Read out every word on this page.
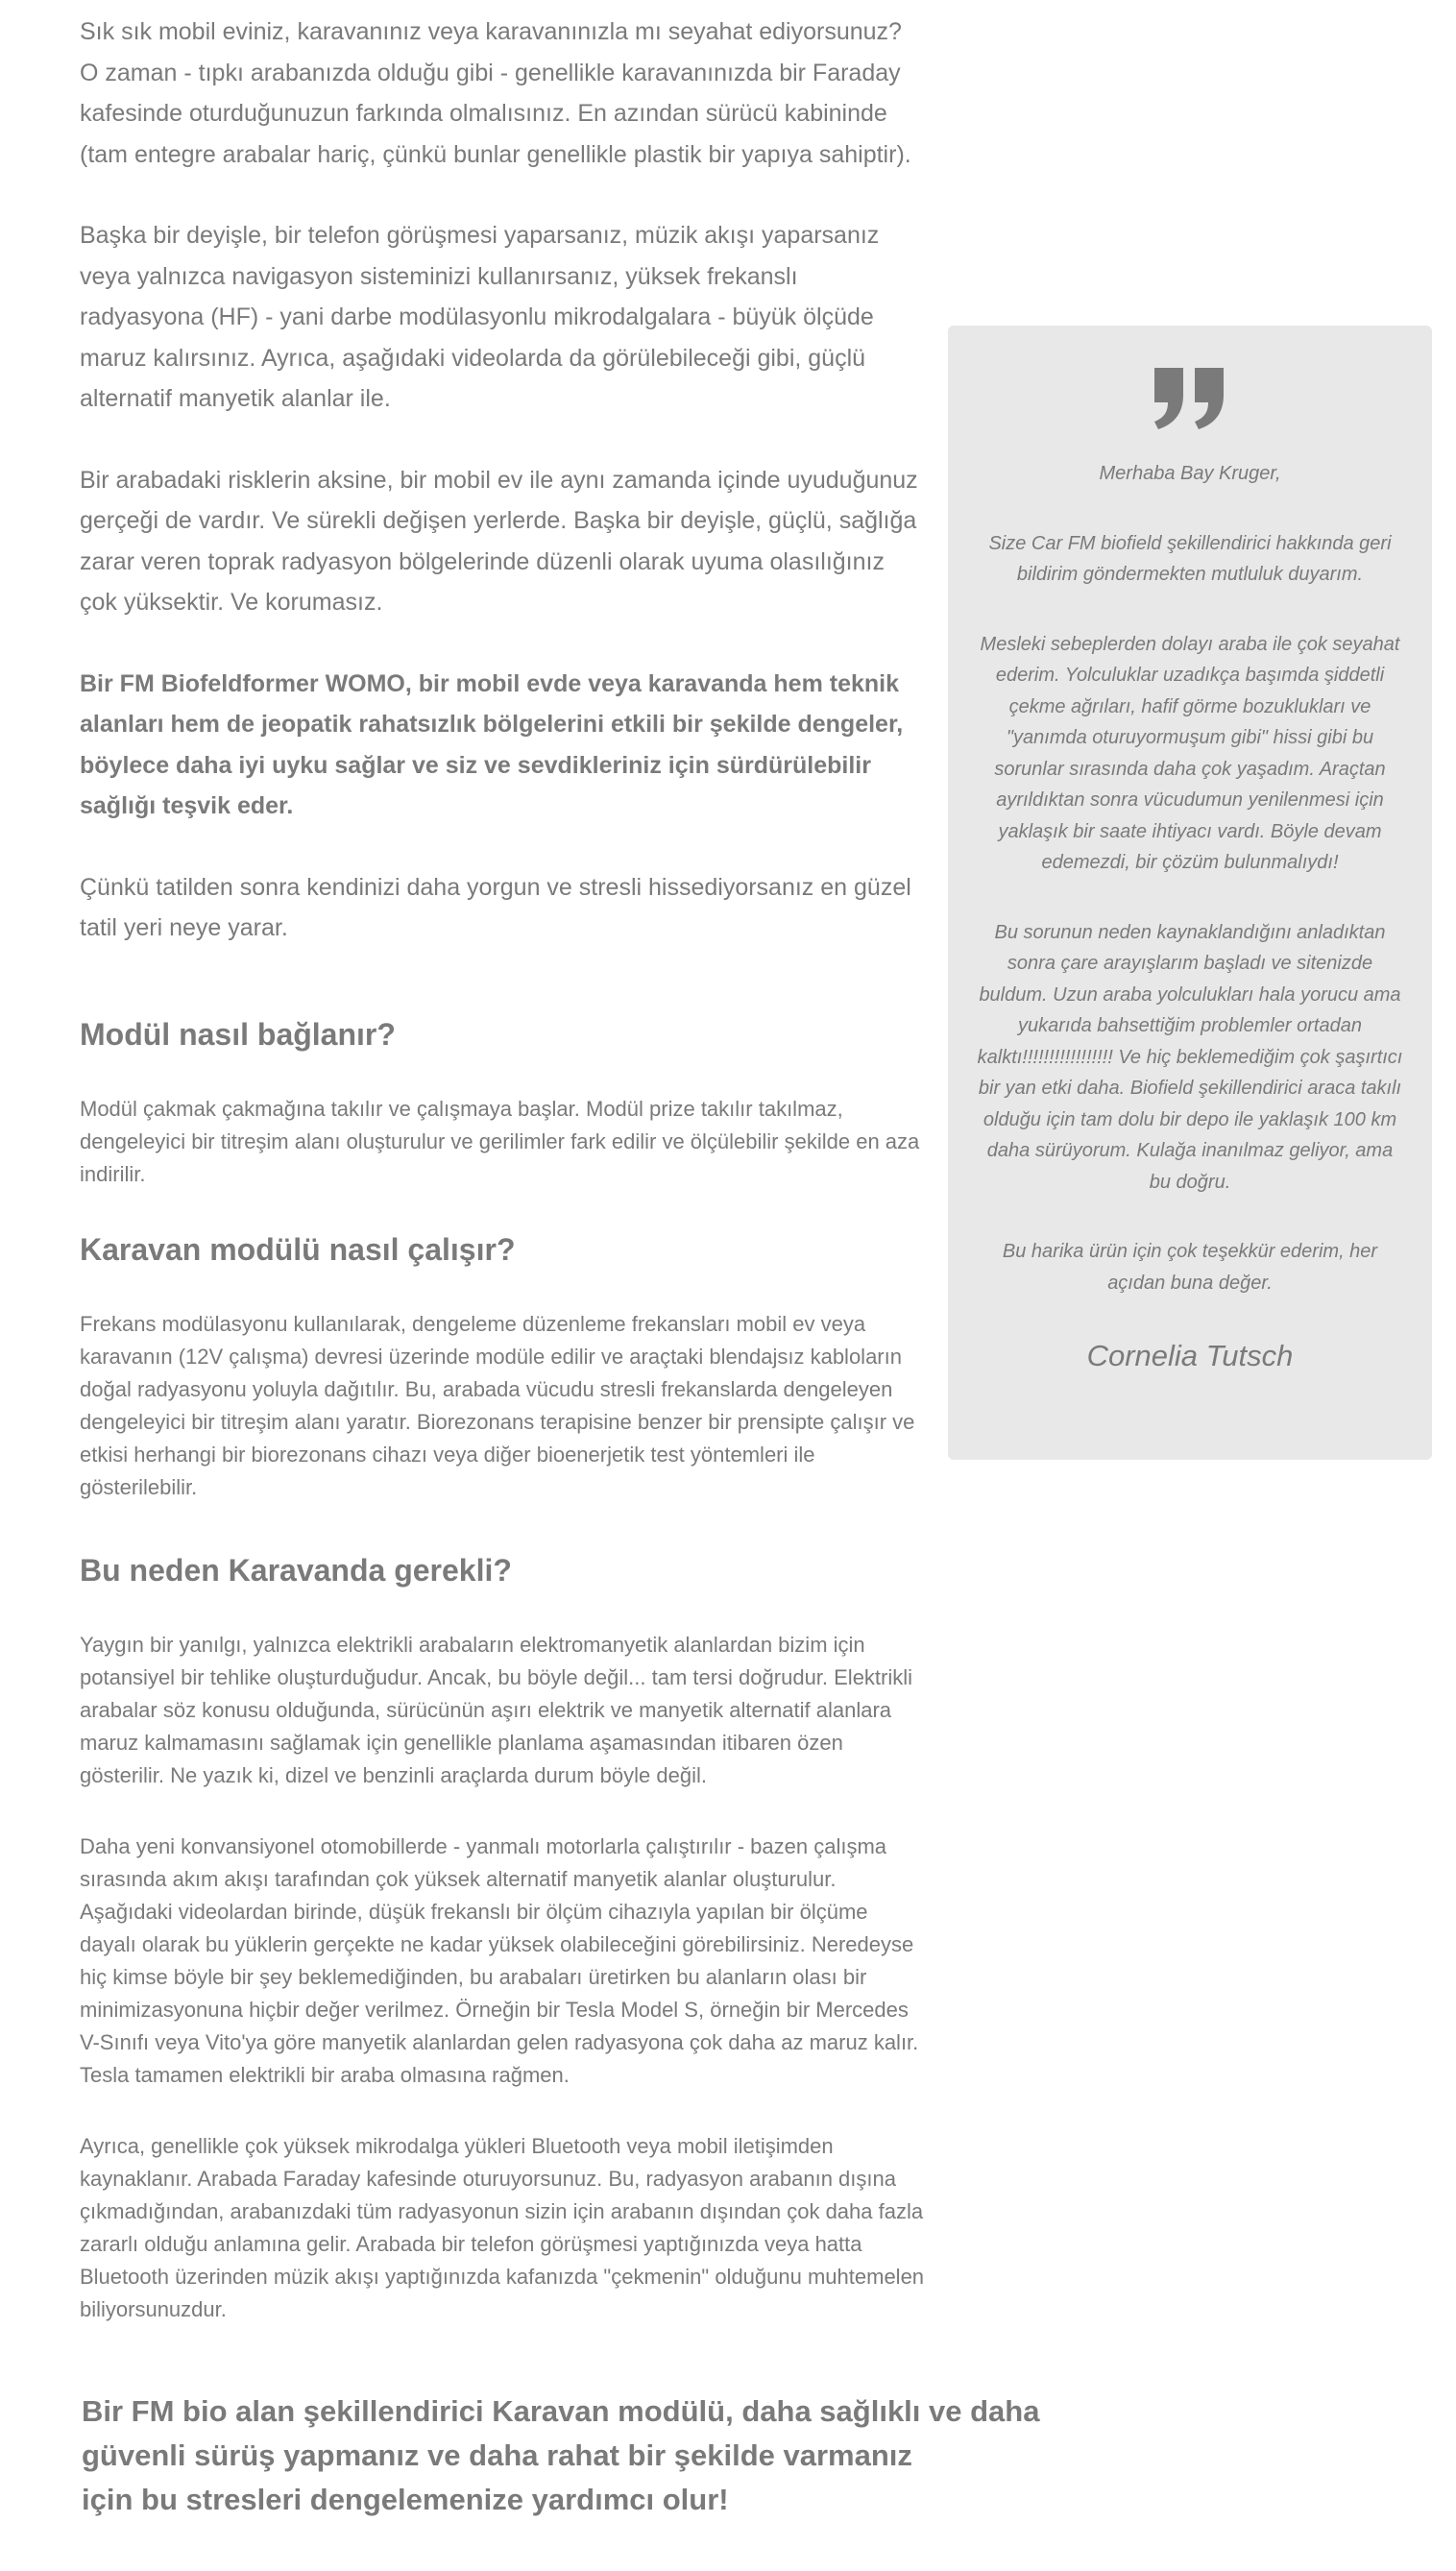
Sık sık mobil eviniz, karavanınız veya karavanınızla mı seyahat ediyorsunuz? O zaman - tıpkı arabanızda olduğu gibi - genellikle karavanınızda bir Faraday kafesinde oturduğunuzun farkında olmalısınız. En azından sürücü kabininde (tam entegre arabalar hariç, çünkü bunlar genellikle plastik bir yapıya sahiptir).

Başka bir deyişle, bir telefon görüşmesi yaparsanız, müzik akışı yaparsanız veya yalnızca navigasyon sisteminizi kullanırsanız, yüksek frekanslı radyasyona (HF) - yani darbe modülasyonlu mikrodalgalara - büyük ölçüde maruz kalırsınız. Ayrıca, aşağıdaki videolarda da görülebileceği gibi, güçlü alternatif manyetik alanlar ile.

Bir arabadaki risklerin aksine, bir mobil ev ile aynı zamanda içinde uyuduğunuz gerçeği de vardır. Ve sürekli değişen yerlerde. Başka bir deyişle, güçlü, sağlığa zarar veren toprak radyasyon bölgelerinde düzenli olarak uyuma olasılığınız çok yüksektir. Ve korumasız.

Bir FM Biofeldformer WOMO, bir mobil evde veya karavanda hem teknik alanları hem de jeopatik rahatsızlık bölgelerini etkili bir şekilde dengeler, böylece daha iyi uyku sağlar ve siz ve sevdikleriniz için sürdürülebilir sağlığı teşvik eder.

Çünkü tatilden sonra kendinizi daha yorgun ve stresli hissediyorsanız en güzel tatil yeri neye yarar.

Modül nasıl bağlanır?

Modül çakmak çakmağına takılır ve çalışmaya başlar. Modül prize takılır takılmaz, dengeleyici bir titreşim alanı oluşturulur ve gerilimler fark edilir ve ölçülebilir şekilde en aza indirilir.

Karavan modülü nasıl çalışır?

Frekans modülasyonu kullanılarak, dengeleme düzenleme frekansları mobil ev veya karavanın (12V çalışma) devresi üzerinde modüle edilir ve araçtaki blendajsız kabloların doğal radyasyonu yoluyla dağıtılır. Bu, arabada vücudu stresli frekanslarda dengeleyen dengeleyici bir titreşim alanı yaratır. Biorezonans terapisine benzer bir prensipte çalışır ve etkisi herhangi bir biorezonans cihazı veya diğer bioenerjetik test yöntemleri ile gösterilebilir.

Bu neden Karavanda gerekli?

Yaygın bir yanılgı, yalnızca elektrikli arabaların elektromanyetik alanlardan bizim için potansiyel bir tehlike oluşturduğudur. Ancak, bu böyle değil... tam tersi doğrudur. Elektrikli arabalar söz konusu olduğunda, sürücünün aşırı elektrik ve manyetik alternatif alanlara maruz kalmamasını sağlamak için genellikle planlama aşamasından itibaren özen gösterilir. Ne yazık ki, dizel ve benzinli araçlarda durum böyle değil.

Daha yeni konvansiyonel otomobillerde - yanmalı motorlarla çalıştırılır - bazen çalışma sırasında akım akışı tarafından çok yüksek alternatif manyetik alanlar oluşturulur. Aşağıdaki videolardan birinde, düşük frekanslı bir ölçüm cihazıyla yapılan bir ölçüme dayalı olarak bu yüklerin gerçekte ne kadar yüksek olabileceğini görebilirsiniz. Neredeyse hiç kimse böyle bir şey beklemediğinden, bu arabaları üretirken bu alanların olası bir minimizasyonuna hiçbir değer verilmez. Örneğin bir Tesla Model S, örneğin bir Mercedes V-Sınıfı veya Vito'ya göre manyetik alanlardan gelen radyasyona çok daha az maruz kalır. Tesla tamamen elektrikli bir araba olmasına rağmen.

Ayrıca, genellikle çok yüksek mikrodalga yükleri Bluetooth veya mobil iletişimden kaynaklanır. Arabada Faraday kafesinde oturuyorsunuz. Bu, radyasyon arabanın dışına çıkmadığından, arabanızdaki tüm radyasyonun sizin için arabanın dışından çok daha fazla zararlı olduğu anlamına gelir. Arabada bir telefon görüşmesi yaptığınızda veya hatta Bluetooth üzerinden müzik akışı yaptığınızda kafanızda "çekmenin" olduğunu muhtemelen biliyorsunuzdur.

Bir FM bio alan şekillendirici Karavan modülü, daha sağlıklı ve daha
güvenli sürüş yapmanız ve daha rahat bir şekilde varmanız
için bu stresleri dengelemenize yardımcı olur!

Merhaba Bay Kruger,

Size Car FM biofield şekillendirici hakkında geri bildirim göndermekten mutluluk duyarım.

Mesleki sebeplerden dolayı araba ile çok seyahat ederim. Yolculuklar uzadıkça başımda şiddetli çekme ağrıları, hafif görme bozuklukları ve "yanımda oturuyormuşum gibi" hissi gibi bu sorunlar sırasında daha çok yaşadım. Araçtan ayrıldıktan sonra vücudumun yenilenmesi için yaklaşık bir saate ihtiyacı vardı. Böyle devam edemezdi, bir çözüm bulunmalıydı!

Bu sorunun neden kaynaklandığını anladıktan sonra çare arayışlarım başladı ve sitenizde buldum. Uzun araba yolculukları hala yorucu ama yukarıda bahsettiğim problemler ortadan kalktı!!!!!!!!!!!!!!!!! Ve hiç beklemediğim çok şaşırtıcı bir yan etki daha. Biofield şekillendirici araca takılı olduğu için tam dolu bir depo ile yaklaşık 100 km daha sürüyorum. Kulağa inanılmaz geliyor, ama bu doğru.

Bu harika ürün için çok teşekkür ederim, her açıdan buna değer.

Cornelia Tutsch
